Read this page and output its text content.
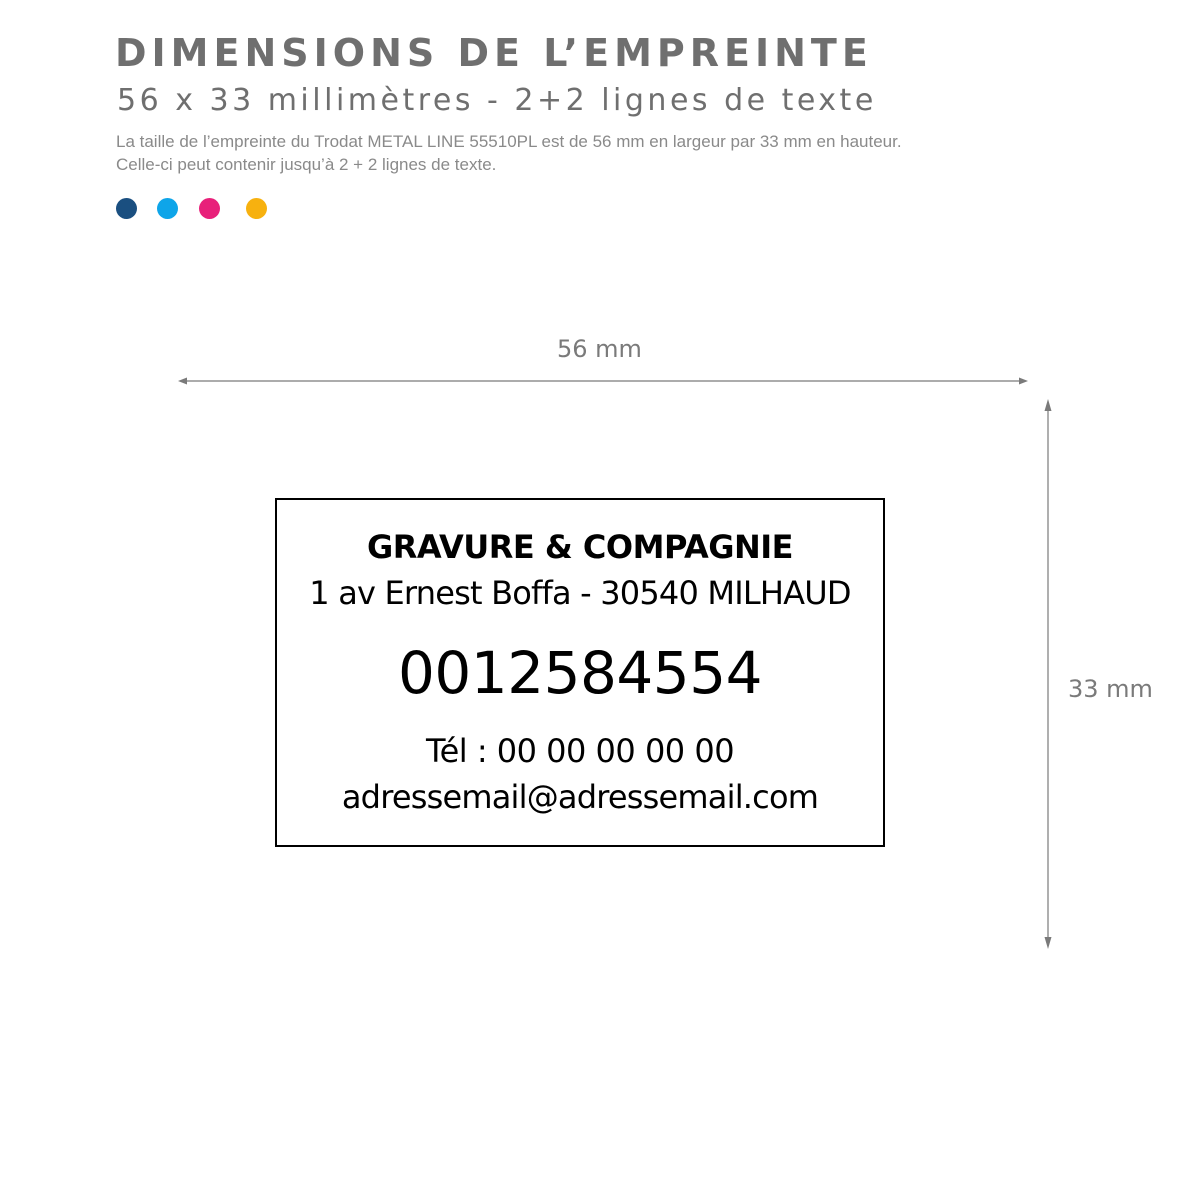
DIMENSIONS DE L’EMPREINTE
56 x 33 millimètres - 2+2 lignes de texte
La taille de l’empreinte du Trodat METAL LINE 55510PL est de 56 mm en largeur par 33 mm en hauteur.
Celle-ci peut contenir jusqu’à 2 + 2 lignes de texte.
56 mm
33 mm
GRAVURE & COMPAGNIE
1 av Ernest Boffa - 30540 MILHAUD
0012584554
Tél : 00 00 00 00 00
adressemail@adressemail.com
